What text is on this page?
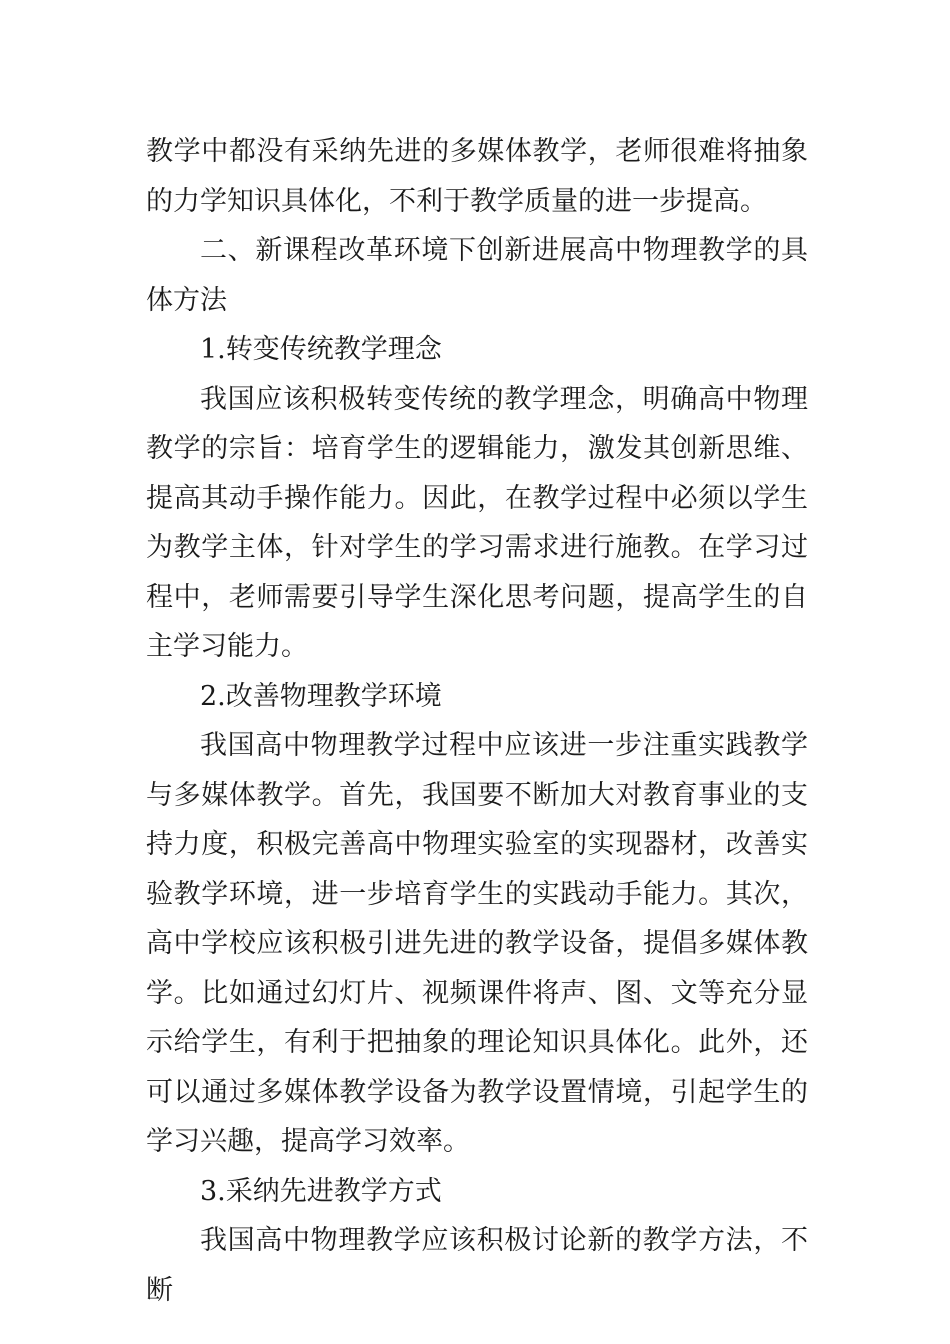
教学中都没有采纳先进的多媒体教学，老师很难将抽象的力学知识具体化，不利于教学质量的进一步提高。

二、新课程改革环境下创新进展高中物理教学的具体方法

1.转变传统教学理念

我国应该积极转变传统的教学理念，明确高中物理教学的宗旨：培育学生的逻辑能力，激发其创新思维、提高其动手操作能力。因此，在教学过程中必须以学生为教学主体，针对学生的学习需求进行施教。在学习过程中，老师需要引导学生深化思考问题，提高学生的自主学习能力。

2.改善物理教学环境

我国高中物理教学过程中应该进一步注重实践教学与多媒体教学。首先，我国要不断加大对教育事业的支持力度，积极完善高中物理实验室的实现器材，改善实验教学环境，进一步培育学生的实践动手能力。其次，高中学校应该积极引进先进的教学设备，提倡多媒体教学。比如通过幻灯片、视频课件将声、图、文等充分显示给学生，有利于把抽象的理论知识具体化。此外，还可以通过多媒体教学设备为教学设置情境，引起学生的学习兴趣，提高学习效率。

3.采纳先进教学方式

我国高中物理教学应该积极讨论新的教学方法，不断
